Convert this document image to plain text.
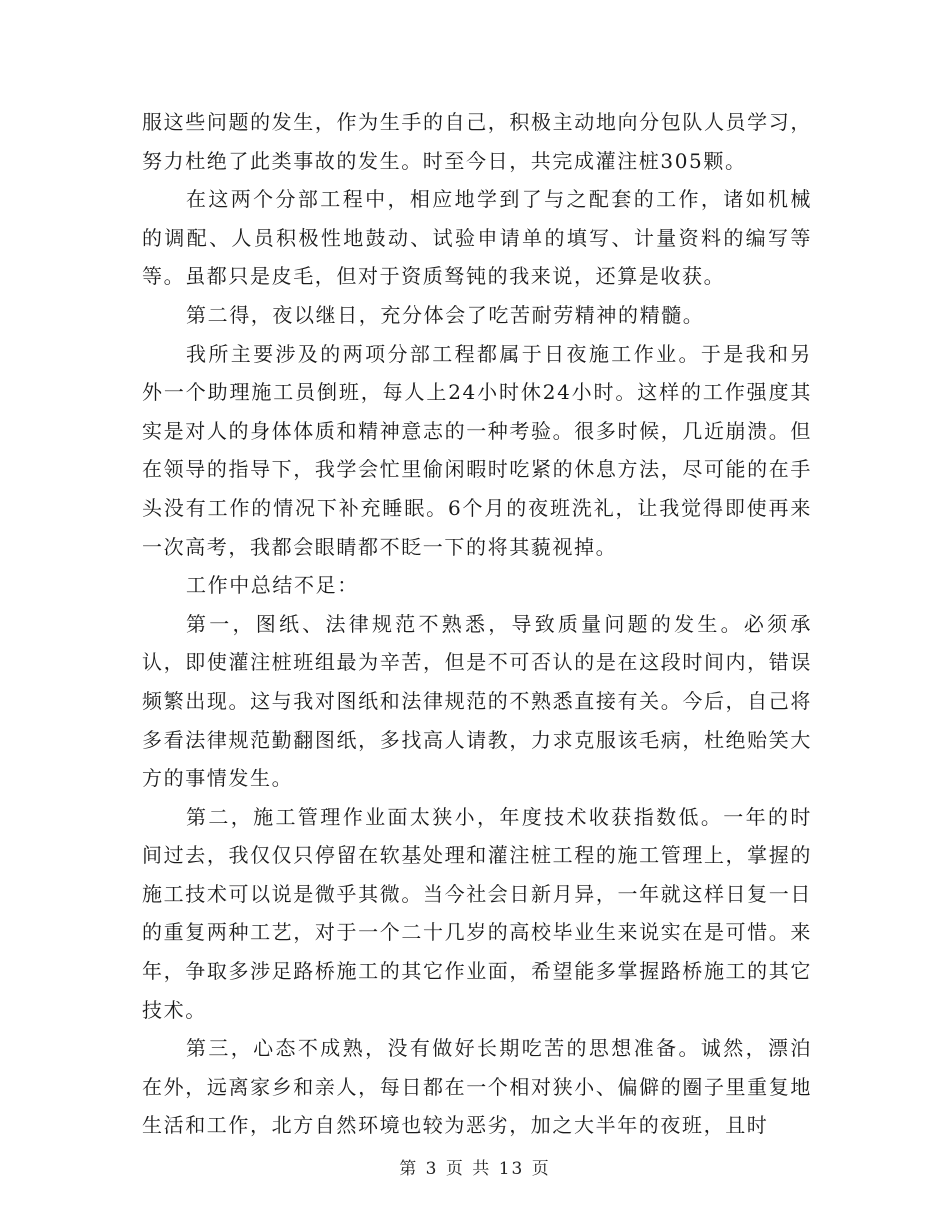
服这些问题的发生，作为生手的自己，积极主动地向分包队人员学习，努力杜绝了此类事故的发生。时至今日，共完成灌注桩305颗。

在这两个分部工程中，相应地学到了与之配套的工作，诸如机械的调配、人员积极性地鼓动、试验申请单的填写、计量资料的编写等等。虽都只是皮毛，但对于资质驽钝的我来说，还算是收获。

第二得，夜以继日，充分体会了吃苦耐劳精神的精髓。

我所主要涉及的两项分部工程都属于日夜施工作业。于是我和另外一个助理施工员倒班，每人上24小时休24小时。这样的工作强度其实是对人的身体体质和精神意志的一种考验。很多时候，几近崩溃。但在领导的指导下，我学会忙里偷闲暇时吃紧的休息方法，尽可能的在手头没有工作的情况下补充睡眠。6个月的夜班洗礼，让我觉得即使再来一次高考，我都会眼睛都不眨一下的将其藐视掉。

工作中总结不足：

第一，图纸、法律规范不熟悉，导致质量问题的发生。必须承认，即使灌注桩班组最为辛苦，但是不可否认的是在这段时间内，错误频繁出现。这与我对图纸和法律规范的不熟悉直接有关。今后，自己将多看法律规范勤翻图纸，多找高人请教，力求克服该毛病，杜绝贻笑大方的事情发生。

第二，施工管理作业面太狭小，年度技术收获指数低。一年的时间过去，我仅仅只停留在软基处理和灌注桩工程的施工管理上，掌握的施工技术可以说是微乎其微。当今社会日新月异，一年就这样日复一日的重复两种工艺，对于一个二十几岁的高校毕业生来说实在是可惜。来年，争取多涉足路桥施工的其它作业面，希望能多掌握路桥施工的其它技术。

第三，心态不成熟，没有做好长期吃苦的思想准备。诚然，漂泊在外，远离家乡和亲人，每日都在一个相对狭小、偏僻的圈子里重复地生活和工作，北方自然环境也较为恶劣，加之大半年的夜班，且时

第 3 页 共 13 页
